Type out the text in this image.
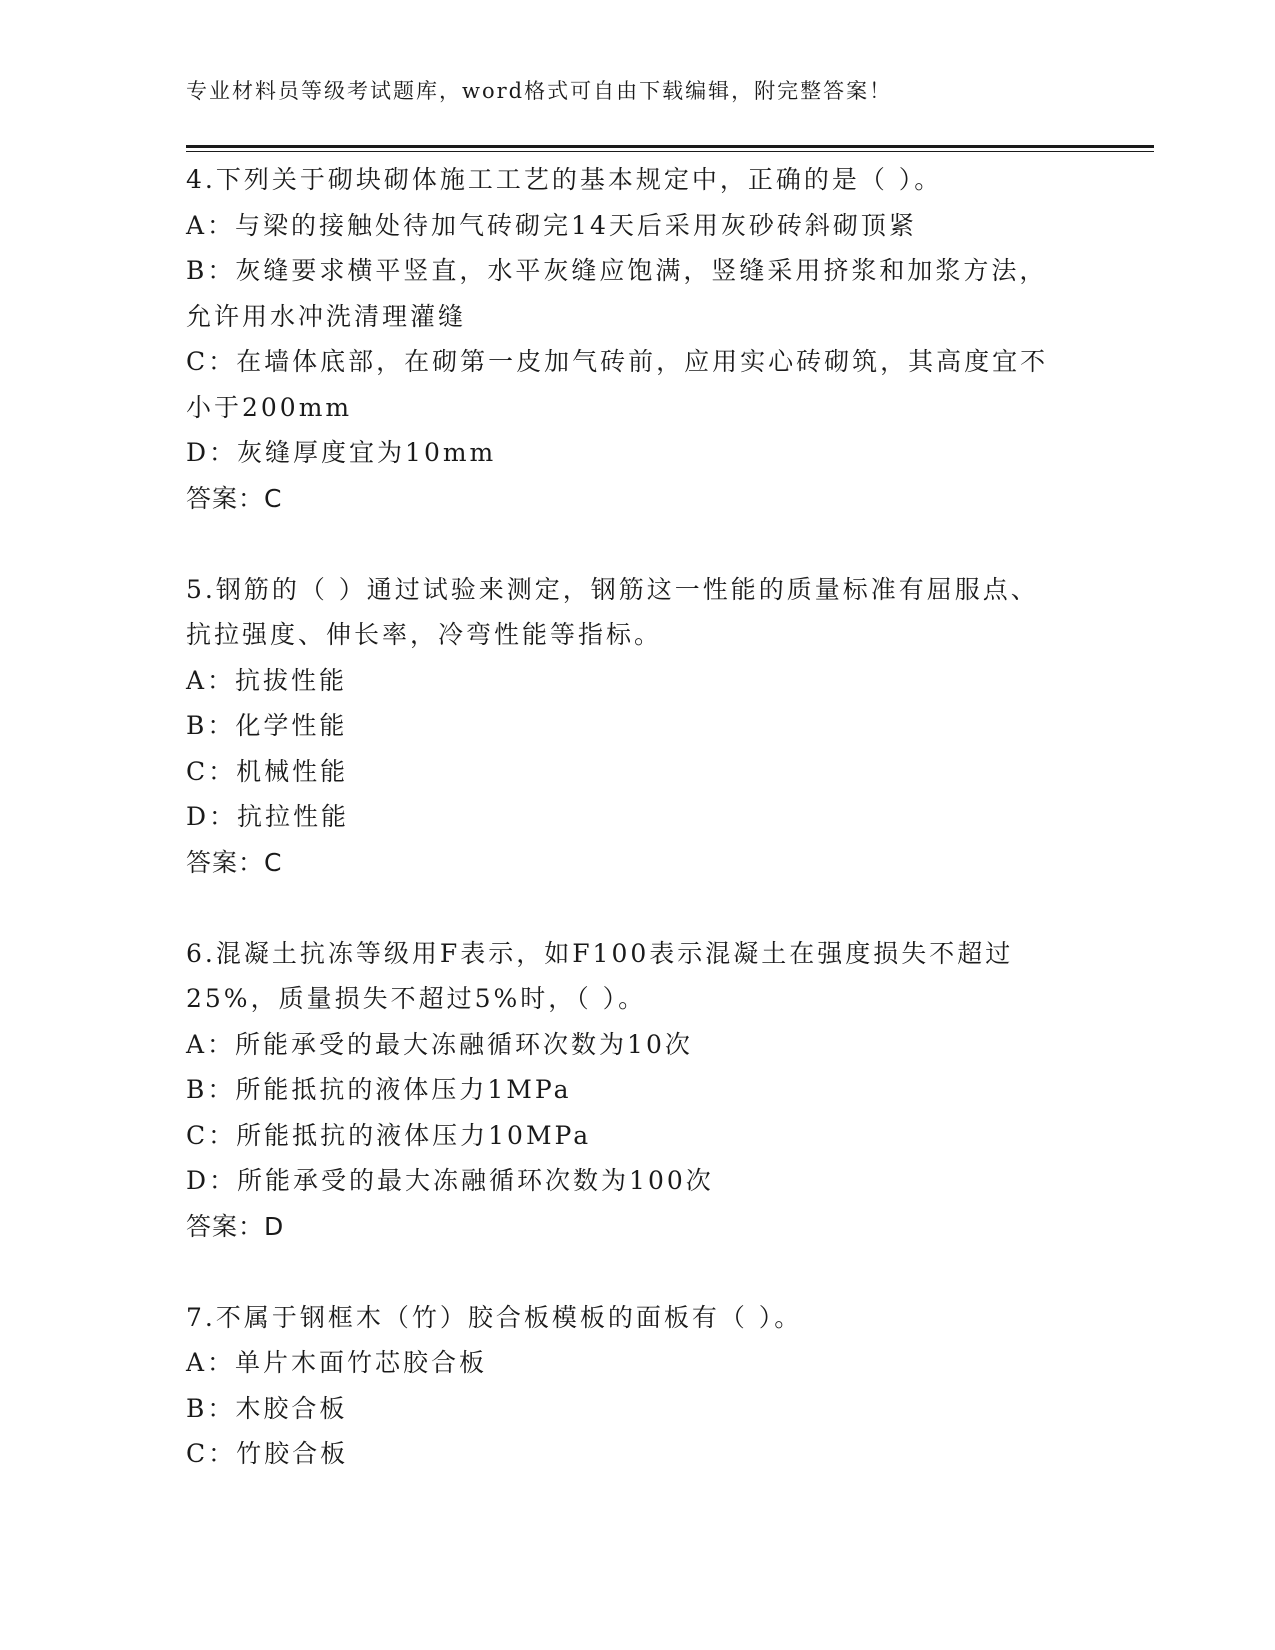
专业材料员等级考试题库，word格式可自由下载编辑，附完整答案！
4.下列关于砌块砌体施工工艺的基本规定中，正确的是（ ）。
A：与梁的接触处待加气砖砌完14天后采用灰砂砖斜砌顶紧
B：灰缝要求横平竖直，水平灰缝应饱满，竖缝采用挤浆和加浆方法，
允许用水冲洗清理灌缝
C：在墙体底部，在砌第一皮加气砖前，应用实心砖砌筑，其高度宜不
小于200mm
D：灰缝厚度宜为10mm
答案：C
5.钢筋的（ ）通过试验来测定，钢筋这一性能的质量标准有屈服点、
抗拉强度、伸长率，冷弯性能等指标。
A：抗拔性能
B：化学性能
C：机械性能
D：抗拉性能
答案：C
6.混凝土抗冻等级用F表示，如F100表示混凝土在强度损失不超过
25%，质量损失不超过5%时，（ ）。
A：所能承受的最大冻融循环次数为10次
B：所能抵抗的液体压力1MPa
C：所能抵抗的液体压力10MPa
D：所能承受的最大冻融循环次数为100次
答案：D
7.不属于钢框木（竹）胶合板模板的面板有（ ）。
A：单片木面竹芯胶合板
B：木胶合板
C：竹胶合板
